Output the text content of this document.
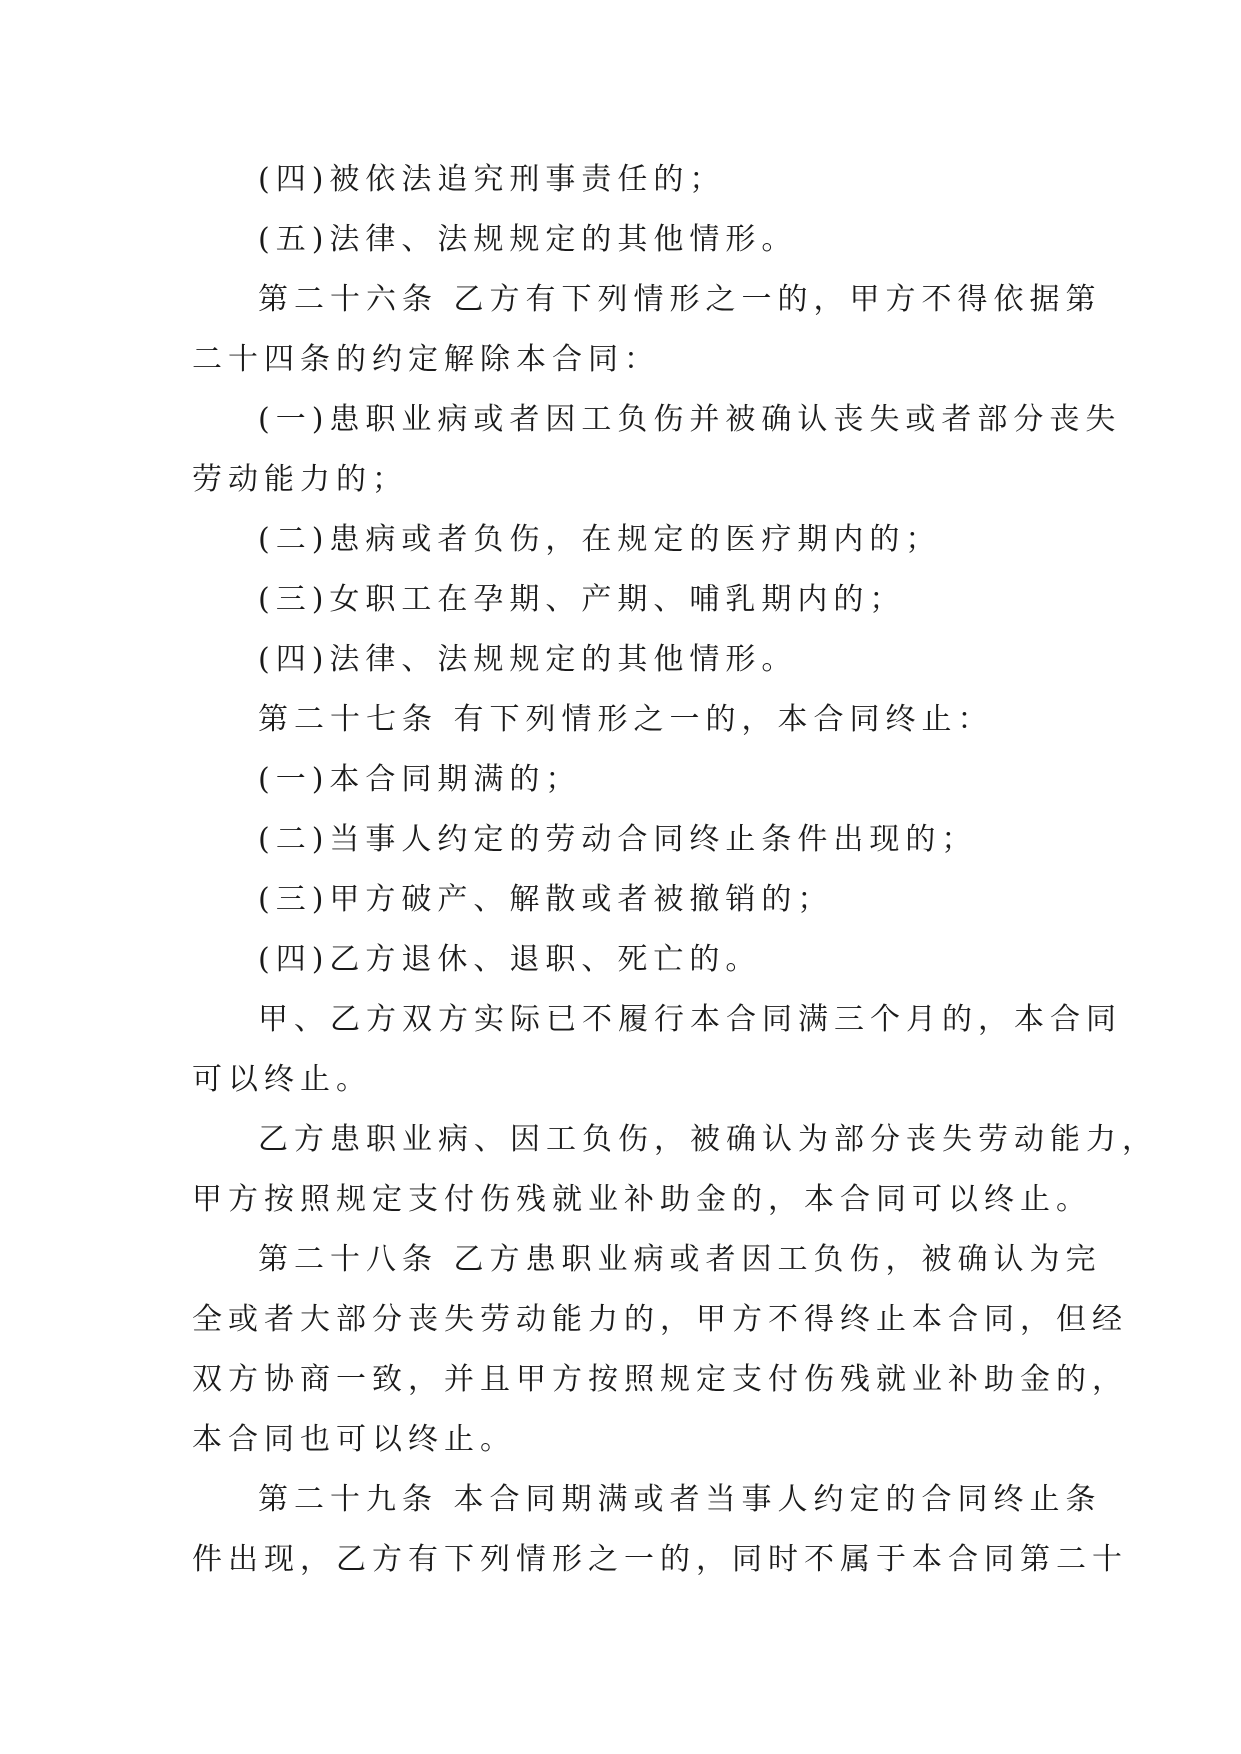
(四)被依法追究刑事责任的；
(五)法律、法规规定的其他情形。
第二十六条 乙方有下列情形之一的，甲方不得依据第
二十四条的约定解除本合同：
(一)患职业病或者因工负伤并被确认丧失或者部分丧失
劳动能力的；
(二)患病或者负伤，在规定的医疗期内的；
(三)女职工在孕期、产期、哺乳期内的；
(四)法律、法规规定的其他情形。
第二十七条 有下列情形之一的，本合同终止：
(一)本合同期满的；
(二)当事人约定的劳动合同终止条件出现的；
(三)甲方破产、解散或者被撤销的；
(四)乙方退休、退职、死亡的。
甲、乙方双方实际已不履行本合同满三个月的，本合同
可以终止。
乙方患职业病、因工负伤，被确认为部分丧失劳动能力，
甲方按照规定支付伤残就业补助金的，本合同可以终止。
第二十八条 乙方患职业病或者因工负伤，被确认为完
全或者大部分丧失劳动能力的，甲方不得终止本合同，但经
双方协商一致，并且甲方按照规定支付伤残就业补助金的，
本合同也可以终止。
第二十九条 本合同期满或者当事人约定的合同终止条
件出现，乙方有下列情形之一的，同时不属于本合同第二十
